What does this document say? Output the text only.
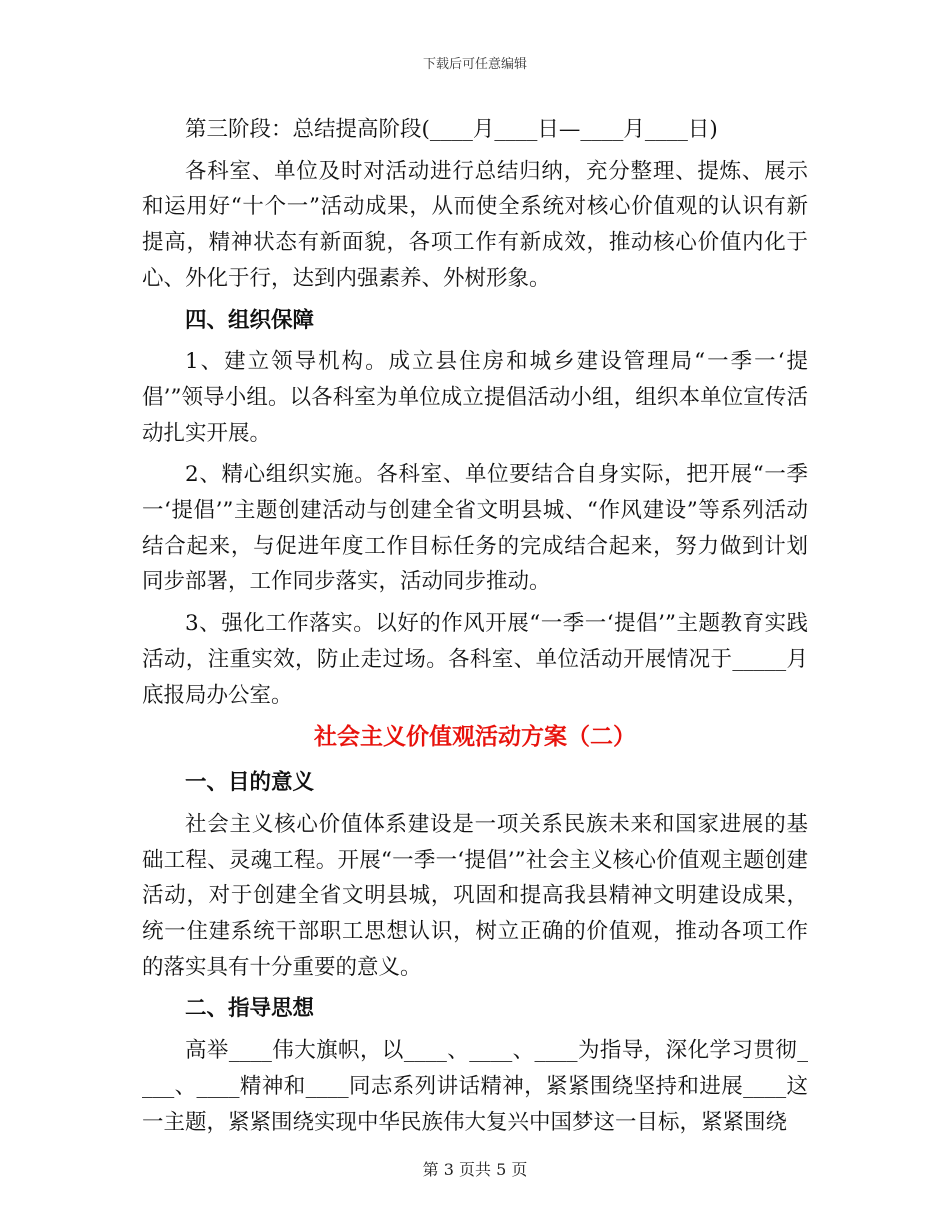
下载后可任意编辑

第三阶段：总结提高阶段(____月____日—____月____日)

各科室、单位及时对活动进行总结归纳，充分整理、提炼、展示和运用好“十个一”活动成果，从而使全系统对核心价值观的认识有新提高，精神状态有新面貌，各项工作有新成效，推动核心价值内化于心、外化于行，达到内强素养、外树形象。

四、组织保障

1、建立领导机构。成立县住房和城乡建设管理局“一季一‘提倡’”领导小组。以各科室为单位成立提倡活动小组，组织本单位宣传活动扎实开展。

2、精心组织实施。各科室、单位要结合自身实际，把开展“一季一‘提倡’”主题创建活动与创建全省文明县城、“作风建设”等系列活动结合起来，与促进年度工作目标任务的完成结合起来，努力做到计划同步部署，工作同步落实，活动同步推动。

3、强化工作落实。以好的作风开展“一季一‘提倡’”主题教育实践活动，注重实效，防止走过场。各科室、单位活动开展情况于_____月底报局办公室。

社会主义价值观活动方案（二）

一、目的意义

社会主义核心价值体系建设是一项关系民族未来和国家进展的基础工程、灵魂工程。开展“一季一‘提倡’”社会主义核心价值观主题创建活动，对于创建全省文明县城，巩固和提高我县精神文明建设成果，统一住建系统干部职工思想认识，树立正确的价值观，推动各项工作的落实具有十分重要的意义。

二、指导思想

高举____伟大旗帜，以____、____、____为指导，深化学习贯彻____、____精神和____同志系列讲话精神，紧紧围绕坚持和进展____这一主题，紧紧围绕实现中华民族伟大复兴中国梦这一目标，紧紧围绕

第 3 页共 5 页
